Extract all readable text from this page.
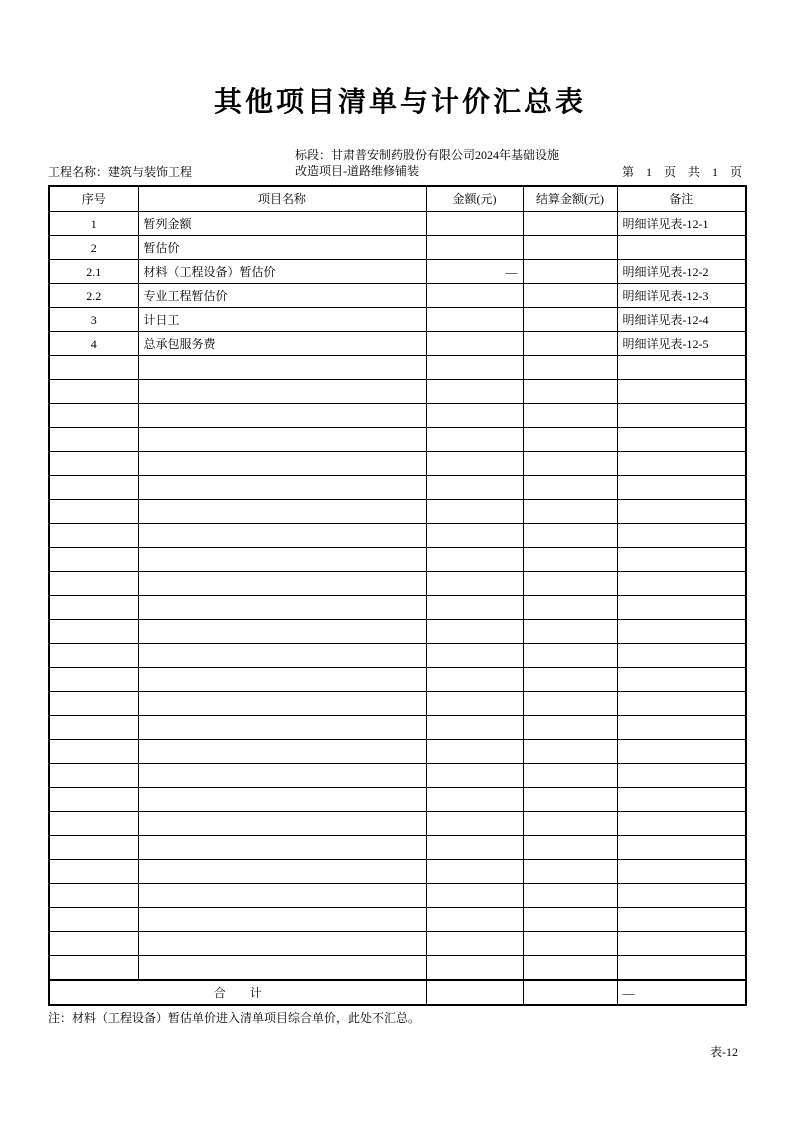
其他项目清单与计价汇总表
工程名称：建筑与装饰工程
标段：甘肃普安制药股份有限公司2024年基础设施
改造项目-道路维修铺装	第　1　页　共　1　页
序号	项目名称	金额(元)	结算金额(元)	备注
1	暂列金额			明细详见表-12-1
2	暂估价			
2.1	材料（工程设备）暂估价	—		明细详见表-12-2
2.2	专业工程暂估价			明细详见表-12-3
3	计日工			明细详见表-12-4
4	总承包服务费			明细详见表-12-5

合　　计				—
注：材料（工程设备）暂估单价进入清单项目综合单价，此处不汇总。
表-12
